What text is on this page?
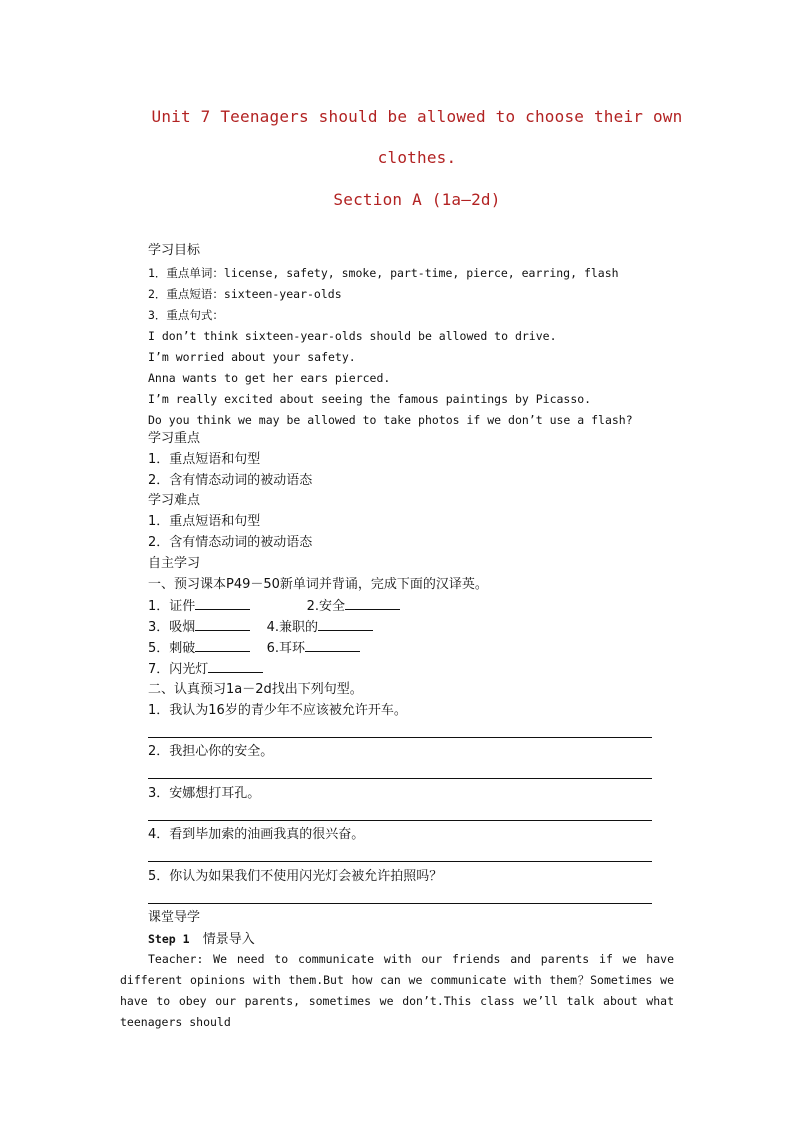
Unit 7 Teenagers should be allowed to choose their own
clothes.
Section A (1a—2d)
学习目标
1．重点单词：license, safety, smoke, part-time, pierce, earring, flash
2．重点短语：sixteen-year-olds
3．重点句式：
I don’t think sixteen-year-olds should be allowed to drive.
I’m worried about your safety.
Anna wants to get her ears pierced.
I’m really excited about seeing the famous paintings by Picasso.
Do you think we may be allowed to take photos if we don’t use a flash?
学习重点
1．重点短语和句型
2．含有情态动词的被动语态
学习难点
1．重点短语和句型
2．含有情态动词的被动语态
自主学习
一、预习课本P49－50新单词并背诵，完成下面的汉译英。
1．证件	2.安全
3．吸烟	4.兼职的
5．刺破	6.耳环
7．闪光灯
二、认真预习1a－2d找出下列句型。
1．我认为16岁的青少年不应该被允许开车。
2．我担心你的安全。
3．安娜想打耳孔。
4．看到毕加索的油画我真的很兴奋。
5．你认为如果我们不使用闪光灯会被允许拍照吗？
课堂导学
Step 1 情景导入
Teacher: We need to communicate with our friends and parents if we have different opinions with them.But how can we communicate with them？Sometimes we have to obey our parents, sometimes we don’t.This class we’ll talk about what teenagers should
